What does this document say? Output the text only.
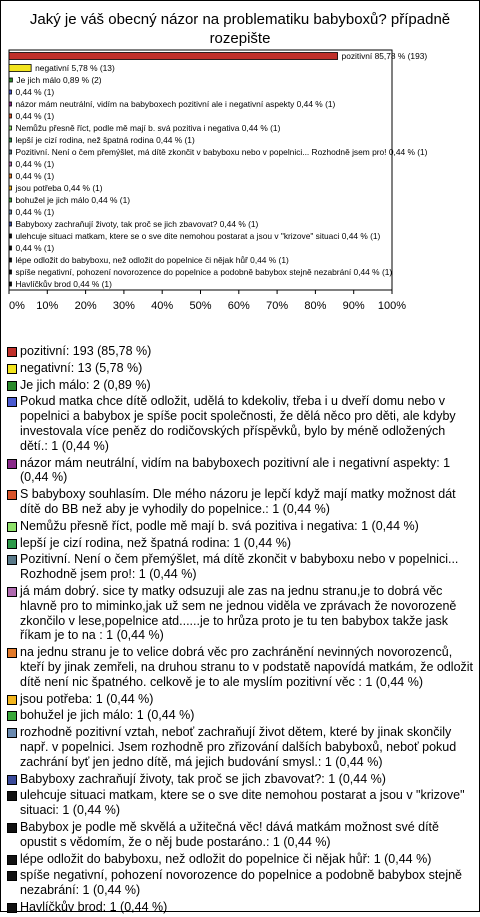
Jaký je váš obecný názor na problematiku babyboxů? případně
rozepište
pozitivní 85,78 % (193)
negativní 5,78 % (13)
Je jich málo 0,89 % (2)
0,44 % (1)
názor mám neutrální, vidím na babyboxech pozitivní ale i negativní aspekty 0,44 % (1)
0,44 % (1)
Nemůžu přesně říct, podle mě mají b. svá pozitiva i negativa 0,44 % (1)
lepší je cizí rodina, než špatná rodina 0,44 % (1)
Pozitivní. Není o čem přemýšlet, má dítě zkončit v babyboxu nebo v popelnici... Rozhodně jsem pro! 0,44 % (1)
0,44 % (1)
0,44 % (1)
jsou potřeba 0,44 % (1)
bohužel je jich málo 0,44 % (1)
0,44 % (1)
Babyboxy zachraňují životy, tak proč se jich zbavovat? 0,44 % (1)
ulehcuje situaci matkam, ktere se o sve dite nemohou postarat a jsou v "krizove" situaci 0,44 % (1)
0,44 % (1)
lépe odložit do babyboxu, než odložit do popelnice či nějak hůř 0,44 % (1)
spíše negativní, pohození novorozence do popelnice a podobně babybox stejně nezabrání 0,44 % (1)
Havlíčkův brod 0,44 % (1)
0% 10% 20% 30% 40% 50% 60% 70% 80% 90% 100%
pozitivní: 193 (85,78 %)
negativní: 13 (5,78 %)
Je jich málo: 2 (0,89 %)
Pokud matka chce dítě odložit, udělá to kdekoliv, třeba i u dveří domu nebo v popelnici a babybox je spíše pocit společnosti, že dělá něco pro děti, ale kdyby investovala více peněz do rodičovských příspěvků, bylo by méně odložených dětí.: 1 (0,44 %)
názor mám neutrální, vidím na babyboxech pozitivní ale i negativní aspekty: 1 (0,44 %)
S babyboxy souhlasím. Dle mého názoru je lepčí když mají matky možnost dát dítě do BB než aby je vyhodily do popelnice.: 1 (0,44 %)
Nemůžu přesně říct, podle mě mají b. svá pozitiva i negativa: 1 (0,44 %)
lepší je cizí rodina, než špatná rodina: 1 (0,44 %)
Pozitivní. Není o čem přemýšlet, má dítě zkončit v babyboxu nebo v popelnici... Rozhodně jsem pro!: 1 (0,44 %)
já mám dobrý. sice ty matky odsuzuji ale zas na jednu stranu,je to dobrá věc hlavně pro to miminko,jak už sem ne jednou viděla ve zprávach že novorozeně zkončilo v lese,popelnice atd......je to hrůza proto je tu ten babybox takže jask říkam je to na : 1 (0,44 %)
na jednu stranu je to velice dobrá věc pro zachránění nevinných novorozenců, kteří by jinak zemřeli, na druhou stranu to v podstatě napovídá matkám, že odložit dítě není nic špatného. celkově je to ale myslím pozitivní věc : 1 (0,44 %)
jsou potřeba: 1 (0,44 %)
bohužel je jich málo: 1 (0,44 %)
rozhodně pozitivní vztah, neboť zachraňují život dětem, které by jinak skončily např. v popelnici. Jsem rozhodně pro zřizování dalších babyboxů, neboť pokud zachrání byť jen jedno dítě, má jejich budování smysl.: 1 (0,44 %)
Babyboxy zachraňují životy, tak proč se jich zbavovat?: 1 (0,44 %)
ulehcuje situaci matkam, ktere se o sve dite nemohou postarat a jsou v "krizove" situaci: 1 (0,44 %)
Babybox je podle mě skvělá a užitečná věc! dává matkám možnost své dítě opustit s vědomím, že o něj bude postaráno.: 1 (0,44 %)
lépe odložit do babyboxu, než odložit do popelnice či nějak hůř: 1 (0,44 %)
spíše negativní, pohození novorozence do popelnice a podobně babybox stejně nezabrání: 1 (0,44 %)
Havlíčkův brod: 1 (0,44 %)
